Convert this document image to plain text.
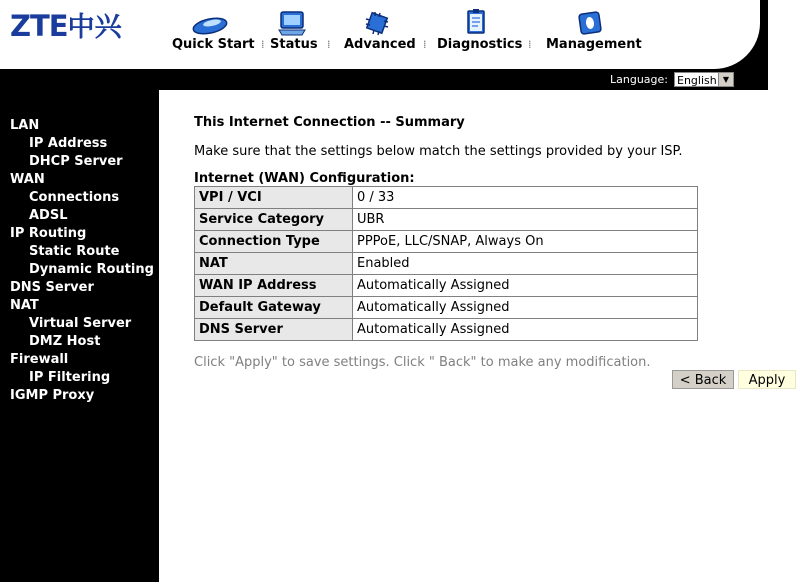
ZTE中兴
Quick Start ⁞ Status ⁞ Advanced ⁞ Diagnostics ⁞ Management
Language: English ▼
LAN
IP Address
DHCP Server
WAN
Connections
ADSL
IP Routing
Static Route
Dynamic Routing
DNS Server
NAT
Virtual Server
DMZ Host
Firewall
IP Filtering
IGMP Proxy
This Internet Connection -- Summary
Make sure that the settings below match the settings provided by your ISP.
Internet (WAN) Configuration:
VPI / VCI	0 / 33
Service Category	UBR
Connection Type	PPPoE, LLC/SNAP, Always On
NAT	Enabled
WAN IP Address	Automatically Assigned
Default Gateway	Automatically Assigned
DNS Server	Automatically Assigned
Click "Apply" to save settings. Click " Back" to make any modification.
< Back	Apply
